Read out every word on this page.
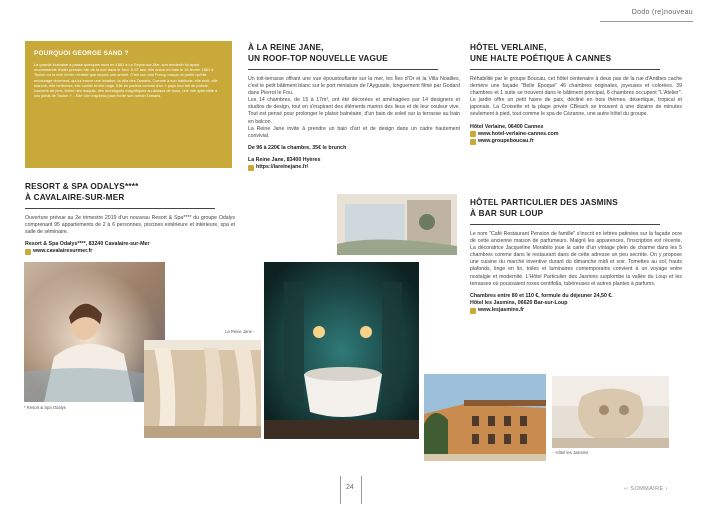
Dodo (re)nouveau
POURQUOI GEORGE SAND ?

La grande écrivaine a passé quelques mois en 1861 à La Seyne-sur-Mer, son médecin lui ayant recommandé d'aller prendre l'air de la mer dans le Sud. À 57 ans, elle arrive en train le 18 février 1861 à Toulon où la voie ferrée n'existe que depuis une année. C'est son ami Poncy, maçon et poète qu'elle encourage vivement, qui lui trouve une location, la villa des Tamaris. Comme à son habitude, elle écrit, elle marche, elle herborise, elle cueille et elle nage. Elle en parlera comme d'un « pays tout fait de poésie, couverts de pins, forme des maquis, des montagnes magnifiques au-dessus de nous, une vue splendide à vos pieds de Toulon »... Elle s'en inspirera pour écrire son roman Tamaris.

RESORT & SPA ODALYS****
À CAVALAIRE-SUR-MER
Ouverture prévue au 2e trimestre 2019 d'un nouveau Resort & Spa**** du groupe Odalys comprenant 95 appartements de 2 à 6 personnes, piscines extérieure et intérieure, spa et salle de séminaire.
Resort & Spa Odalys****, 83240 Cavalaire-sur-Mer
www.cavalairesurmer.fr
* Resort & Spa Odalys
La Reine Jane -
À LA REINE JANE,
UN ROOF-TOP NOUVELLE VAGUE
Un toit-terrasse offrant une vue époustouflante sur la mer, les Îles d'Or et la Villa Noailles, c'est le petit bâtiment blanc sur le port miniature de l'Ayguade, longuement filmé par Godard dans Pierrot le Fou.
Les 14 chambres, de 15 à 17m², ont été décorées et aménagées par 14 designers et studios de design, tout en s'inspirant des éléments marins des lieux et de leur couleur vive. Tout est pensé pour prolonger le plaisir balnéaire, d'un bain de soleil sur la terrasse au bain en balcon.
La Reine Jane invite à prendre un bain d'art et de design dans un cadre hautement convivial.
De 96 à 220€ la chambre, 35€ le brunch
La Reine Jane, 83400 Hyères
https://lareinejane.fr/
HÔTEL VERLAINE,
UNE HALTE POÉTIQUE À CANNES
Réhabilité par le groupe Boucau, cet hôtel centenaire à deux pas de la rue d'Antibes cache derrière une façade "Belle Époque" 46 chambres originales, joyeuses et colorées. 39 chambres et 1 suite se trouvent dans le bâtiment principal, 6 chambres occupent "L'Atelier". Le jardin offre un petit havre de paix, décliné en trois thèmes, désertique, tropical et japonais. La Croisette et la plage privée CBeach se trouvent à une dizaine de minutes seulement à pied, tout comme le spa de Cézanne, une autre hôtel du groupe.
Hôtel Verlaine, 06400 Cannes
www.hotel-verlaine-cannes.com
www.groupeboucau.fr
HÔTEL PARTICULIER DES JASMINS
À BAR SUR LOUP
Le nom "Café Restaurant Pension de famille" s'inscrit en lettres patinées sur la façade ocre de cette ancienne maison de parfumeurs. Malgré les apparences, l'inscription est récente. La décoratrice Jacqueline Morabito joue la carte d'un vintage plein de charme dans les 5 chambres comme dans le restaurant dans de cette adresse un peu secrète. On y propose une cuisine du marché inventive durant du dimanche midi et soir. Tomettes au sol, hauts plafonds, linge en lin, toiles et luminaires contemporains convient à un voyage entre nostalgie et modernité. L'Hôtel Particulier des Jasmins surplombe la vallée du Loup et les terrasses où poussaient roses centifolia, tubéreuses et autres plantes à parfums.
Chambres entre 80 et 110 €, formule du déjeuner 24,50 €.
Hôtel les Jasmins, 06620 Bar-sur-Loup
www.lesjasmins.fr
- Hôtel les Jasmins
24	‹‹ SOMMAIRE ›
